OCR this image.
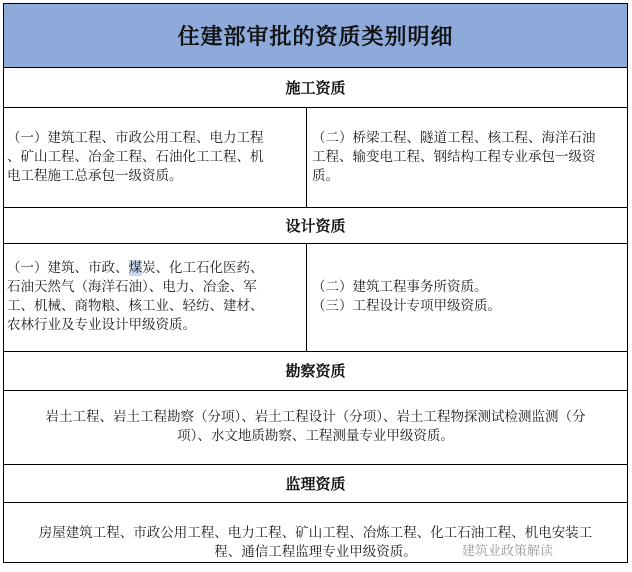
住建部审批的资质类别明细
施工资质
（一）建筑工程、市政公用工程、电力工程
、矿山工程、冶金工程、石油化工工程、机
电工程施工总承包一级资质。
（二）桥梁工程、隧道工程、核工程、海洋石油
工程、输变电工程、钢结构工程专业承包一级资
质。
设计资质
（一）建筑、市政、煤炭、化工石化医药、
石油天然气（海洋石油）、电力、冶金、军
工、机械、商物粮、核工业、轻纺、建材、
农林行业及专业设计甲级资质。
（二）建筑工程事务所资质。
（三）工程设计专项甲级资质。
勘察资质
岩土工程、岩土工程勘察（分项）、岩土工程设计（分项）、岩土工程物探测试检测监测（分
项）、水文地质勘察、工程测量专业甲级资质。
监理资质
房屋建筑工程、市政公用工程、电力工程、矿山工程、冶炼工程、化工石油工程、机电安装工
程、通信工程监理专业甲级资质。	建筑业政策解读
